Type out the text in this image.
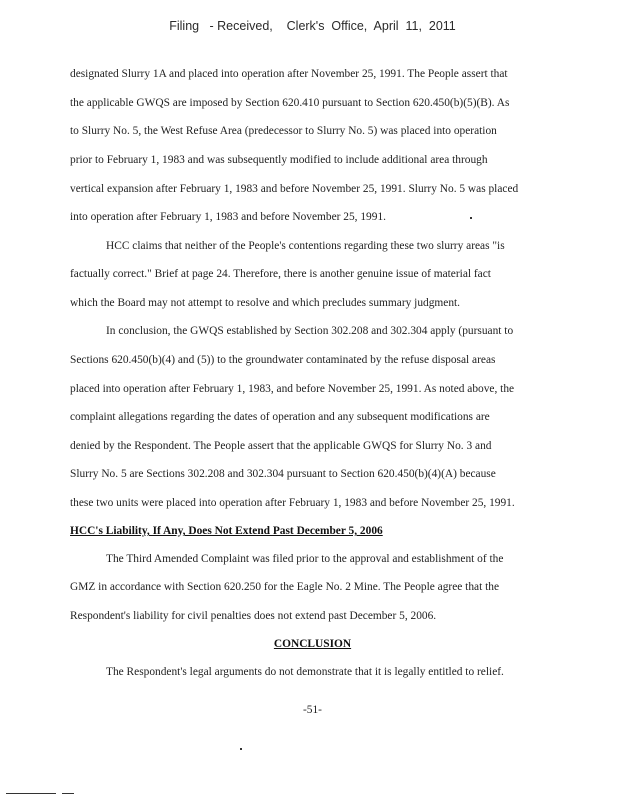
Filing   - Received,    Clerk's  Office,  April  11,  2011
designated Slurry 1A and placed into operation after November 25, 1991. The People assert that
the applicable GWQS are imposed by Section 620.410 pursuant to Section 620.450(b)(5)(B). As
to Slurry No. 5, the West Refuse Area (predecessor to Slurry No. 5) was placed into operation
prior to February 1, 1983 and was subsequently modified to include additional area through
vertical expansion after February 1, 1983 and before November 25, 1991. Slurry No. 5 was placed
into operation after February 1, 1983 and before November 25, 1991.
HCC claims that neither of the People's contentions regarding these two slurry areas "is
factually correct." Brief at page 24. Therefore, there is another genuine issue of material fact
which the Board may not attempt to resolve and which precludes summary judgment.
In conclusion, the GWQS established by Section 302.208 and 302.304 apply (pursuant to
Sections 620.450(b)(4) and (5)) to the groundwater contaminated by the refuse disposal areas
placed into operation after February 1, 1983, and before November 25, 1991. As noted above, the
complaint allegations regarding the dates of operation and any subsequent modifications are
denied by the Respondent. The People assert that the applicable GWQS for Slurry No. 3 and
Slurry No. 5 are Sections 302.208 and 302.304 pursuant to Section 620.450(b)(4)(A) because
these two units were placed into operation after February 1, 1983 and before November 25, 1991.
HCC's Liability, If Any, Does Not Extend Past December 5, 2006
The Third Amended Complaint was filed prior to the approval and establishment of the
GMZ in accordance with Section 620.250 for the Eagle No. 2 Mine. The People agree that the
Respondent's liability for civil penalties does not extend past December 5, 2006.
CONCLUSION
The Respondent's legal arguments do not demonstrate that it is legally entitled to relief.
-51-
